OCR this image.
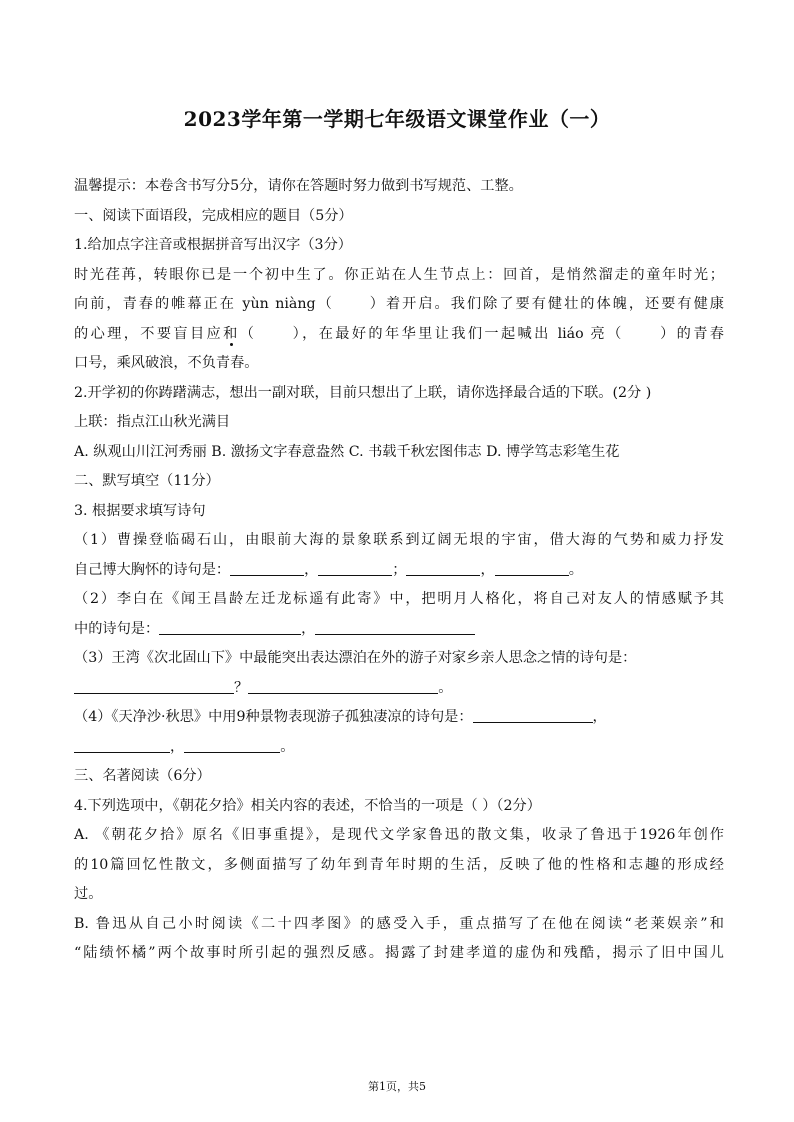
2023学年第一学期七年级语文课堂作业（一）
温馨提示：本卷含书写分5分，请你在答题时努力做到书写规范、工整。
一、阅读下面语段，完成相应的题目（5分）
1.给加点字注音或根据拼音写出汉字（3分）
时光荏苒，转眼你已是一个初中生了。你正站在人生节点上：回首，是悄然溜走的童年时光；
向前，青春的帷幕正在 yùn niàng（ ）着开启。我们除了要有健壮的体魄，还要有健康
的心理，不要盲目应和（ ），在最好的年华里让我们一起喊出 liáo 亮（ ）的青春
口号，乘风破浪，不负青春。
2.开学初的你踌躇满志，想出一副对联，目前只想出了上联，请你选择最合适的下联。(2分 )
上联：指点江山秋光满目
A. 纵观山川江河秀丽 B. 激扬文字春意盎然 C. 书载千秋宏图伟志 D. 博学笃志彩笔生花
二、默写填空（11分）
3. 根据要求填写诗句
（1）曹操登临碣石山，由眼前大海的景象联系到辽阔无垠的宇宙，借大海的气势和威力抒发
自己博大胸怀的诗句是：	，	；	，	。
（2）李白在《闻王昌龄左迁龙标遥有此寄》中，把明月人格化，将自己对友人的情感赋予其
中的诗句是：	，
（3）王湾《次北固山下》中最能突出表达漂泊在外的游子对家乡亲人思念之情的诗句是：
？	。
（4）《天净沙·秋思》中用9种景物表现游子孤独凄凉的诗句是：	，
，	。
三、名著阅读（6分）
4.下列选项中，《朝花夕拾》相关内容的表述，不恰当的一项是（ ）（2分）
A. 《朝花夕拾》原名《旧事重提》，是现代文学家鲁迅的散文集，收录了鲁迅于1926年创作
的10篇回忆性散文，多侧面描写了幼年到青年时期的生活，反映了他的性格和志趣的形成经
过。
B. 鲁迅从自己小时阅读《二十四孝图》的感受入手，重点描写了在他在阅读“老莱娱亲”和
“陆绩怀橘”两个故事时所引起的强烈反感。揭露了封建孝道的虚伪和残酷，揭示了旧中国儿
第1页，共5
